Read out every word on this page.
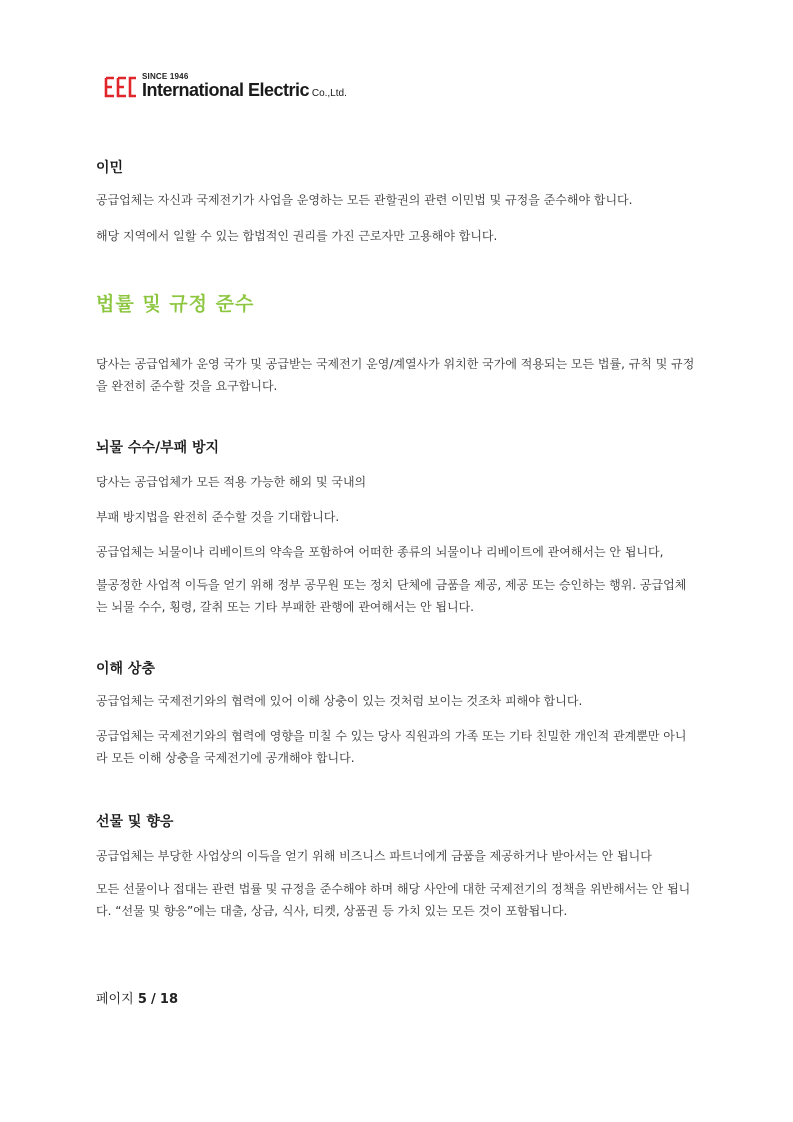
SINCE 1946
International Electric Co.,Ltd.
이민
공급업체는 자신과 국제전기가 사업을 운영하는 모든 관할권의 관련 이민법 및 규정을 준수해야 합니다.
해당 지역에서 일할 수 있는 합법적인 권리를 가진 근로자만 고용해야 합니다.
법률 및 규정 준수
당사는 공급업체가 운영 국가 및 공급받는 국제전기 운영/계열사가 위치한 국가에 적용되는 모든 법률, 규칙 및 규정을 완전히 준수할 것을 요구합니다.
뇌물 수수/부패 방지
당사는 공급업체가 모든 적용 가능한 해외 및 국내의
부패 방지법을 완전히 준수할 것을 기대합니다.
공급업체는 뇌물이나 리베이트의 약속을 포함하여 어떠한 종류의 뇌물이나 리베이트에 관여해서는 안 됩니다,
불공정한 사업적 이득을 얻기 위해 정부 공무원 또는 정치 단체에 금품을 제공, 제공 또는 승인하는 행위. 공급업체는 뇌물 수수, 횡령, 갈취 또는 기타 부패한 관행에 관여해서는 안 됩니다.
이해 상충
공급업체는 국제전기와의 협력에 있어 이해 상충이 있는 것처럼 보이는 것조차 피해야 합니다.
공급업체는 국제전기와의 협력에 영향을 미칠 수 있는 당사 직원과의 가족 또는 기타 친밀한 개인적 관계뿐만 아니라 모든 이해 상충을 국제전기에 공개해야 합니다.
선물 및 향응
공급업체는 부당한 사업상의 이득을 얻기 위해 비즈니스 파트너에게 금품을 제공하거나 받아서는 안 됩니다
모든 선물이나 접대는 관련 법률 및 규정을 준수해야 하며 해당 사안에 대한 국제전기의 정책을 위반해서는 안 됩니다. “선물 및 향응”에는 대출, 상금, 식사, 티켓, 상품권 등 가치 있는 모든 것이 포함됩니다.
페이지 5 / 18
